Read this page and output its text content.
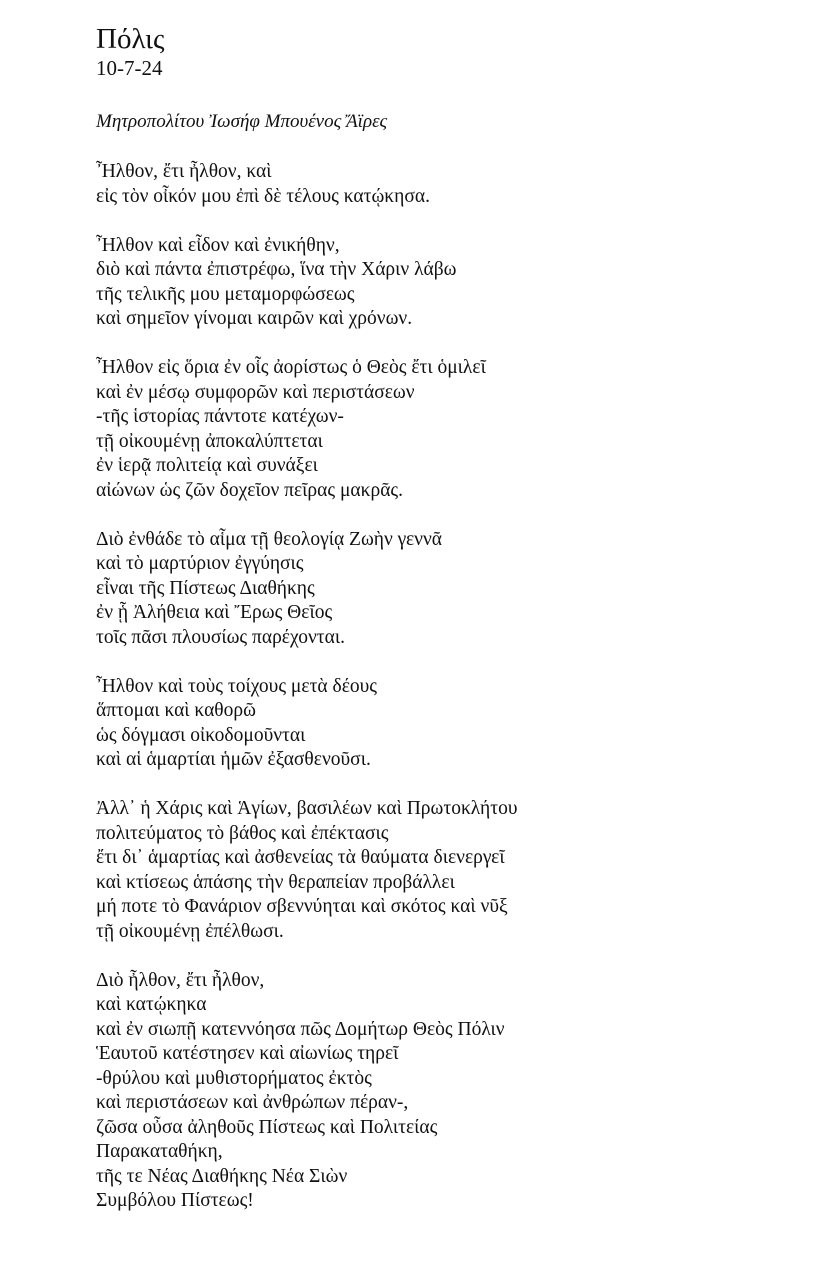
Πόλις
10-7-24
Μητροπολίτου Ἰωσήφ Μπουένος Ἄϊρες
Ἦλθον, ἔτι ἦλθον, καὶ
εἰς τὸν οἶκόν μου ἐπὶ δὲ τέλους κατῴκησα.
Ἦλθον καὶ εἶδον καὶ ἐνικήθην,
διὸ καὶ πάντα ἐπιστρέφω, ἵνα τὴν Χάριν λάβω
τῆς τελικῆς μου μεταμορφώσεως
καὶ σημεῖον γίνομαι καιρῶν καὶ χρόνων.
Ἦλθον εἰς ὅρια ἐν οἷς ἀορίστως ὁ Θεὸς ἔτι ὁμιλεῖ
καὶ ἐν μέσῳ συμφορῶν καὶ περιστάσεων
-τῆς ἱστορίας πάντοτε κατέχων-
τῇ οἰκουμένῃ ἀποκαλύπτεται
ἐν ἱερᾷ πολιτείᾳ καὶ συνάξει
αἰώνων ὡς ζῶν δοχεῖον πεῖρας μακρᾶς.
Διὸ ἐνθάδε τὸ αἷμα τῇ θεολογίᾳ Ζωὴν γεννᾶ
καὶ τὸ μαρτύριον ἐγγύησις
εἶναι τῆς Πίστεως Διαθήκης
ἐν ᾗ Ἀλήθεια καὶ Ἔρως Θεῖος
τοῖς πᾶσι πλουσίως παρέχονται.
Ἦλθον καὶ τοὺς τοίχους μετὰ δέους
ἅπτομαι καὶ καθορῶ
ὡς δόγμασι οἰκοδομοῦνται
καὶ αἱ ἁμαρτίαι ἡμῶν ἐξασθενοῦσι.
Ἀλλ᾽ ἡ Χάρις καὶ Ἁγίων, βασιλέων καὶ Πρωτοκλήτου
πολιτεύματος τὸ βάθος καὶ ἐπέκτασις
ἔτι δι᾽ ἁμαρτίας καὶ ἀσθενείας τὰ θαύματα διενεργεῖ
καὶ κτίσεως ἁπάσης τὴν θεραπείαν προβάλλει
μή ποτε τὸ Φανάριον σβεννύηται καὶ σκότος καὶ νῦξ
τῇ οἰκουμένῃ ἐπέλθωσι.
Διὸ ἦλθον, ἔτι ἦλθον,
καὶ κατῴκηκα
καὶ ἐν σιωπῇ κατεννόησα πῶς Δομήτωρ Θεὸς Πόλιν
Ἑαυτοῦ κατέστησεν καὶ αἰωνίως τηρεῖ
-θρύλου καὶ μυθιστορήματος ἐκτὸς
καὶ περιστάσεων καὶ ἀνθρώπων πέραν-,
ζῶσα οὖσα ἀληθοῦς Πίστεως καὶ Πολιτείας
Παρακαταθήκη,
τῆς τε Νέας Διαθήκης Νέα Σιὼν
Συμβόλου Πίστεως!
